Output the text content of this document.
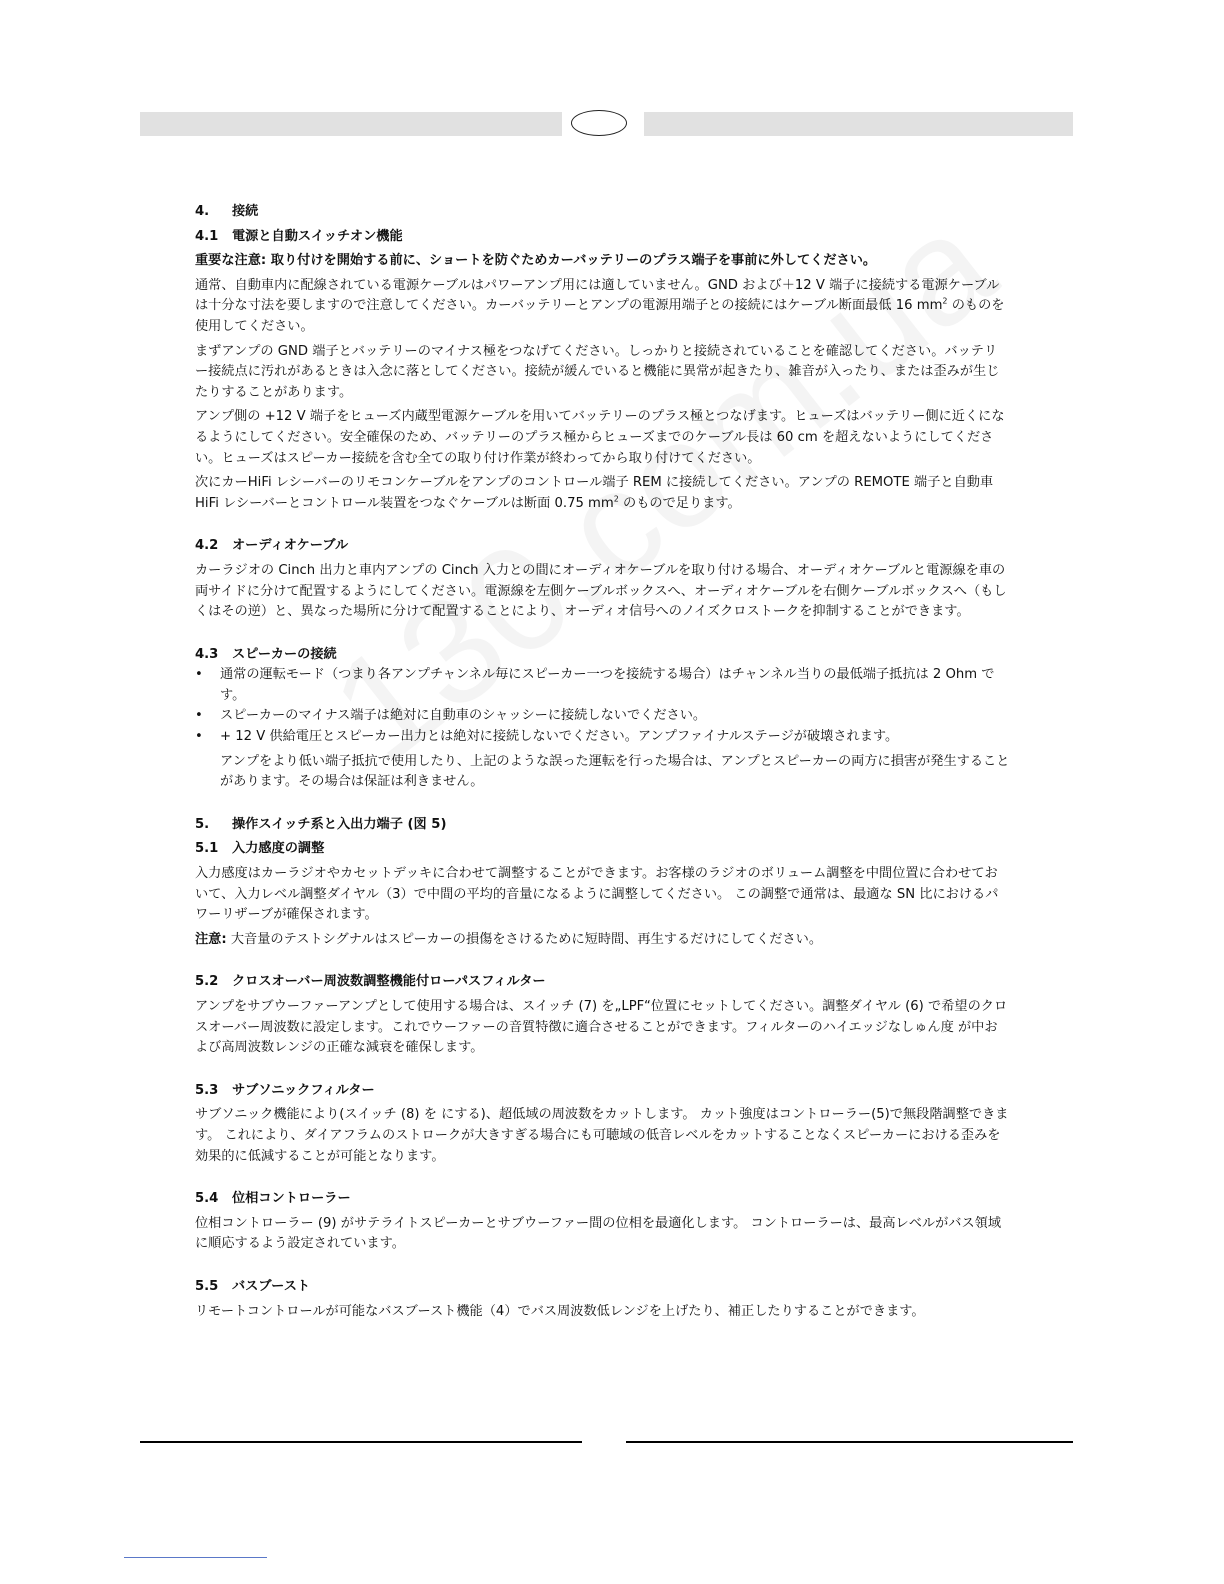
4. 接続

4.1 電源と自動スイッチオン機能

重要な注意: 取り付けを開始する前に、ショートを防ぐためカーバッテリーのプラス端子を事前に外してください。

通常、自動車内に配線されている電源ケーブルはパワーアンプ用には適していません。GND および＋12 V 端子に接続する電源ケーブルは十分な寸法を要しますので注意してください。カーバッテリーとアンプの電源用端子との接続にはケーブル断面最低 16 $mm^2$ のものを使用してください。

まずアンプの GND 端子とバッテリーのマイナス極をつなげてください。しっかりと接続されていることを確認してください。バッテリー接続点に汚れがあるときは入念に落としてください。接続が緩んでいると機能に異常が起きたり、雑音が入ったり、または歪みが生じたりすることがあります。

アンプ側の +12 V 端子をヒューズ内蔵型電源ケーブルを用いてバッテリーのプラス極とつなげます。ヒューズはバッテリー側に近くになるようにしてください。安全確保のため、バッテリーのプラス極からヒューズまでのケーブル長は 60 cm を超えないようにしてください。ヒューズはスピーカー接続を含む全ての取り付け作業が終わってから取り付けてください。

次にカーHiFi レシーバーのリモコンケーブルをアンプのコントロール端子 REM に接続してください。アンプの REMOTE 端子と自動車 HiFi レシーバーとコントロール装置をつなぐケーブルは断面 0.75 $mm^2$ のもので足ります。

4.2 オーディオケーブル

カーラジオの Cinch 出力と車内アンプの Cinch 入力との間にオーディオケーブルを取り付ける場合、オーディオケーブルと電源線を車の両サイドに分けて配置するようにしてください。電源線を左側ケーブルボックスへ、オーディオケーブルを右側ケーブルボックスへ（もしくはその逆）と、異なった場所に分けて配置することにより、オーディオ信号へのノイズクロストークを抑制することができます。

4.3 スピーカーの接続

• 通常の運転モード（つまり各アンプチャンネル毎にスピーカー一つを接続する場合）はチャンネル当りの最低端子抵抗は 2 Ohm です。
• スピーカーのマイナス端子は絶対に自動車のシャッシーに接続しないでください。
• + 12 V 供給電圧とスピーカー出力とは絶対に接続しないでください。アンプファイナルステージが破壊されます。

アンプをより低い端子抵抗で使用したり、上記のような誤った運転を行った場合は、アンプとスピーカーの両方に損害が発生することがあります。その場合は保証は利きません。

5. 操作スイッチ系と入出力端子 (図 5)

5.1 入力感度の調整

入力感度はカーラジオやカセットデッキに合わせて調整することができます。お客様のラジオのボリューム調整を中間位置に合わせておいて、入力レベル調整ダイヤル（3）で中間の平均的音量になるように調整してください。 この調整で通常は、最適な SN 比におけるパワーリザーブが確保されます。

注意: 大音量のテストシグナルはスピーカーの損傷をさけるために短時間、再生するだけにしてください。

5.2 クロスオーバー周波数調整機能付ローパスフィルター

アンプをサブウーファーアンプとして使用する場合は、スイッチ (7) を„LPF“位置にセットしてください。調整ダイヤル (6) で希望のクロスオーバー周波数に設定します。これでウーファーの音質特徴に適合させることができます。フィルターのハイエッジなしゅん度 が中および高周波数レンジの正確な減衰を確保します。

5.3 サブソニックフィルター

サブソニック機能により(スイッチ (8) を にする)、超低域の周波数をカットします。 カット強度はコントローラー(5)で無段階調整できます。 これにより、ダイアフラムのストロークが大きすぎる場合にも可聴域の低音レベルをカットすることなくスピーカーにおける歪みを効果的に低減することが可能となります。

5.4 位相コントローラー

位相コントローラー (9) がサテライトスピーカーとサブウーファー間の位相を最適化します。 コントローラーは、最高レベルがバス領域に順応するよう設定されています。

5.5 バスブースト

リモートコントロールが可能なバスブースト機能（4）でバス周波数低レンジを上げたり、補正したりすることができます。
